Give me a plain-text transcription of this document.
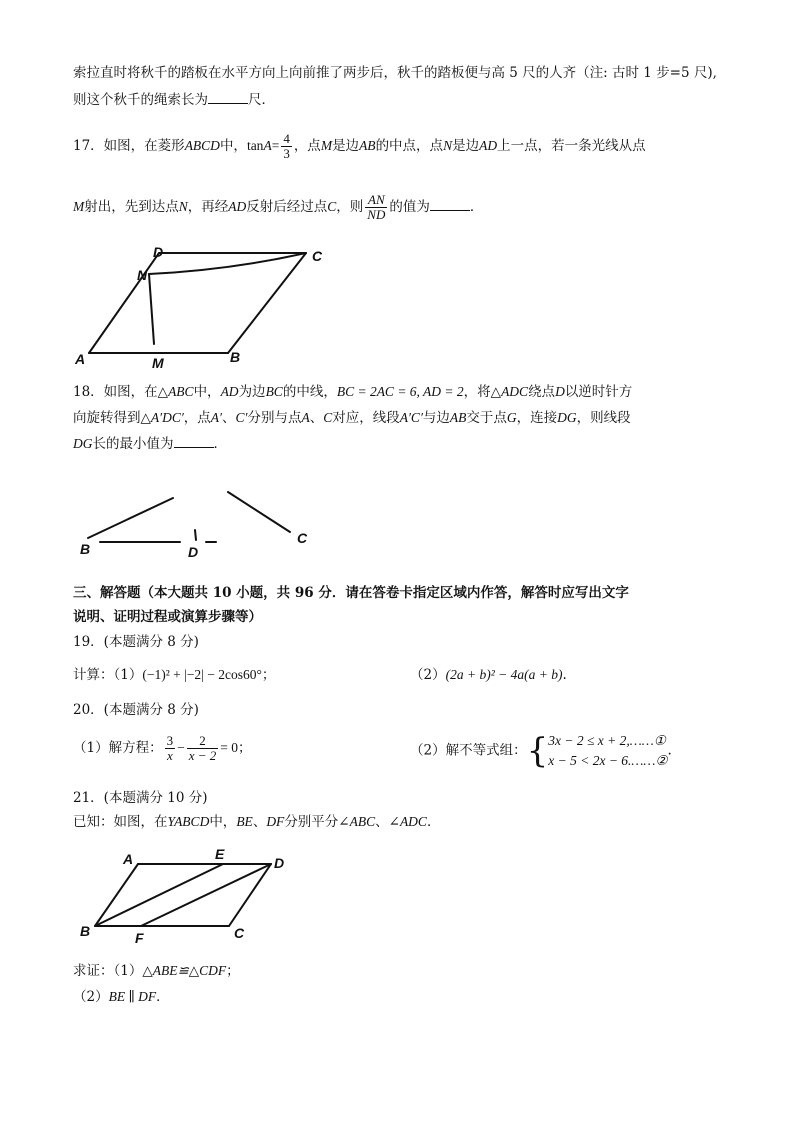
索拉直时将秋千的踏板在水平方向上向前推了两步后，秋千的踏板便与高 5 尺的人齐（注: 古时 1 步=5 尺),
则这个秋千的绳索长为	尺．
17．如图，在菱形ABCD中，$\tan A= \frac{4}{3}$ ，点M是边AB的中点，点N是边AD上一点，若一条光线从点
M射出，先到达点N，再经AD反射后经过点C，则 $\frac{AN}{ND}$ 的值为	．
D	C
N
A	M	B
18．如图，在△ABC中，AD为边BC的中线，BC = 2AC = 6, AD = 2，将△ADC绕点D以逆时针方
向旋转得到△A′DC′，点A′、C′分别与点A、C对应，线段A′C′与边AB交于点G，连接DG，则线段
DG长的最小值为	．
B	D
C
三、解答题（本大题共 10 小题，共 96 分．请在答卷卡指定区域内作答，解答时应写出文字
说明、证明过程或演算步骤等）
19．(本题满分 8 分)
计算：（1）(−1)² + |−2| − 2cos60°；	（2）(2a + b)² − 4a(a + b).
20．(本题满分 8 分)
（1）解方程： $\frac{3}{x} - \frac{2}{x - 2} = 0$；	（2）解不等式组：{ 3x − 2 ≤ x + 2,……①
x − 5 < 2x − 6.……②
.
21．(本题满分 10 分)
已知：如图，在YABCD中，BE、DF分别平分∠ABC、∠ADC．
A	E
D
B	F	C
求证：（1）△ABE≌△CDF；
（2）BE ∥ DF．
